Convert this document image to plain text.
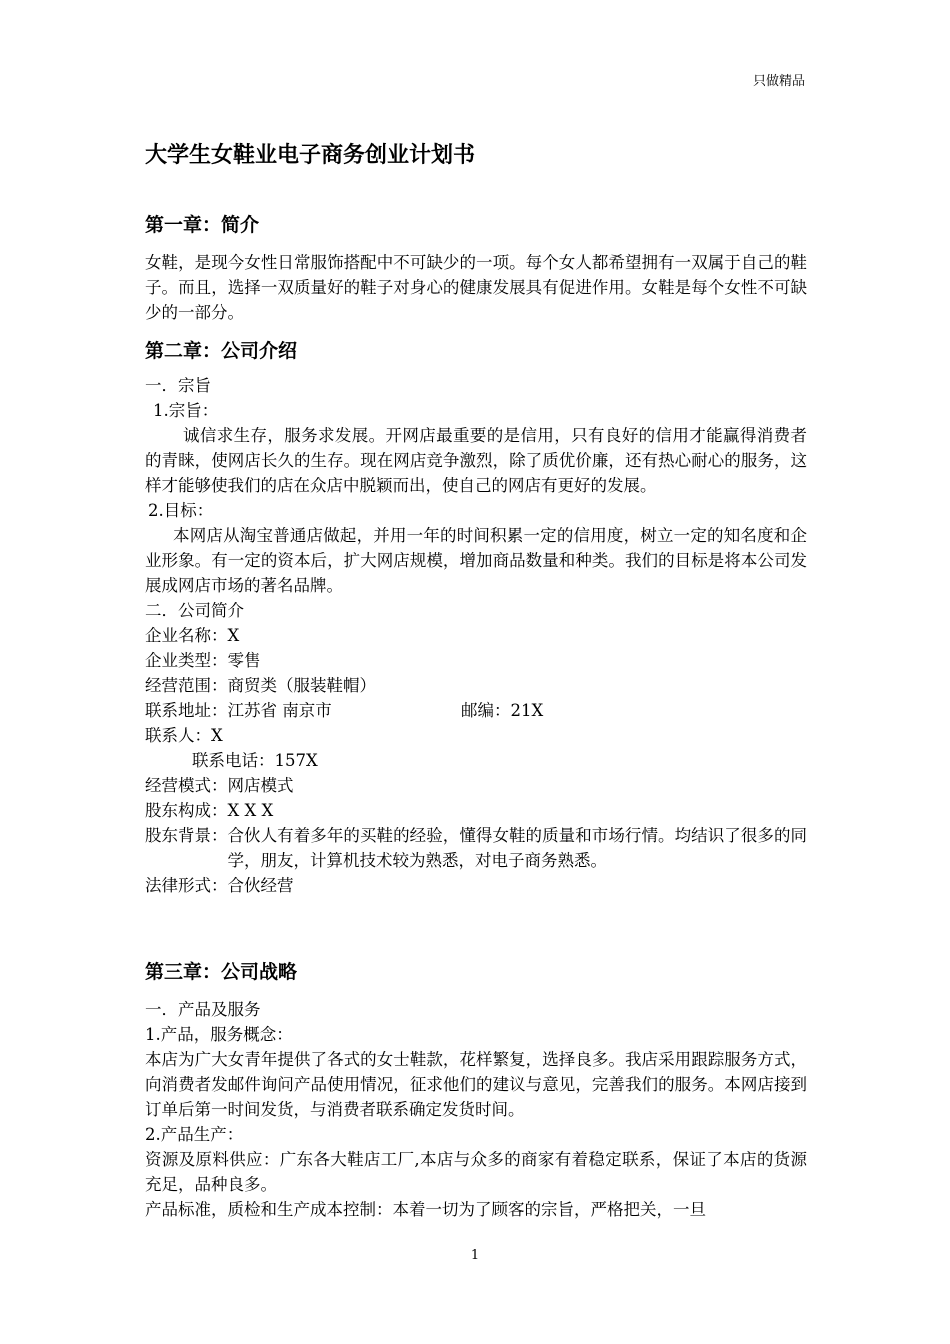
只做精品
大学生女鞋业电子商务创业计划书
第一章：简介

女鞋，是现今女性日常服饰搭配中不可缺少的一项。每个女人都希望拥有一双属于自己的鞋子。而且，选择一双质量好的鞋子对身心的健康发展具有促进作用。女鞋是每个女性不可缺少的一部分。

第二章：公司介绍
一．宗旨
1.宗旨：

诚信求生存，服务求发展。开网店最重要的是信用，只有良好的信用才能赢得消费者的青睐，使网店长久的生存。现在网店竞争激烈，除了质优价廉，还有热心耐心的服务，这样才能够使我们的店在众店中脱颖而出，使自己的网店有更好的发展。

2.目标：

本网店从淘宝普通店做起，并用一年的时间积累一定的信用度，树立一定的知名度和企业形象。有一定的资本后，扩大网店规模，增加商品数量和种类。我们的目标是将本公司发展成网店市场的著名品牌。

二．公司简介
企业名称：X
企业类型：零售
经营范围：商贸类（服装鞋帽）
联系地址：江苏省 南京市	邮编：21X
联系人：X
联系电话：157X
经营模式：网店模式
股东构成：X X X
股东背景： 合伙人有着多年的买鞋的经验，懂得女鞋的质量和市场行情。均结识了很多的同学，朋友，计算机技术较为熟悉，对电子商务熟悉。
法律形式：合伙经营
第三章：公司战略
一．产品及服务
1.产品，服务概念：

本店为广大女青年提供了各式的女士鞋款，花样繁复，选择良多。我店采用跟踪服务方式，向消费者发邮件询问产品使用情况，征求他们的建议与意见，完善我们的服务。本网店接到订单后第一时间发货，与消费者联系确定发货时间。

2.产品生产：

资源及原料供应：广东各大鞋店工厂,本店与众多的商家有着稳定联系，保证了本店的货源充足，品种良多。

产品标准，质检和生产成本控制：本着一切为了顾客的宗旨，严格把关，一旦

1
